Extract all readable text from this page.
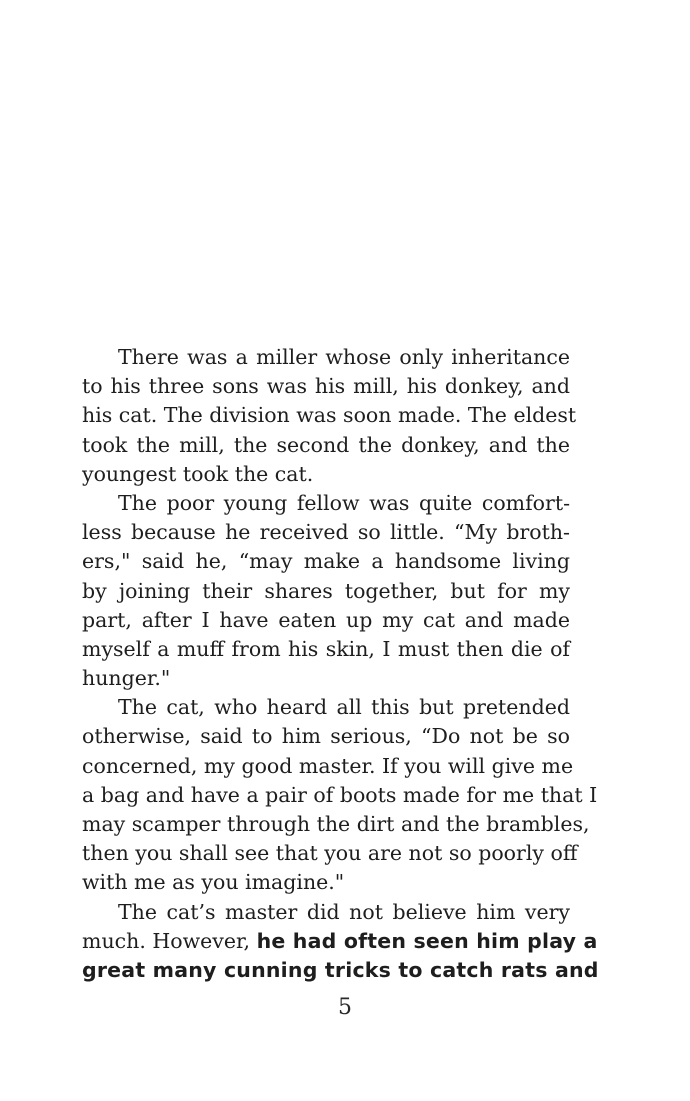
There was a miller whose only inheritance
to his three sons was his mill, his donkey, and
his cat. The division was soon made. The eldest
took the mill, the second the donkey, and the
youngest took the cat.
The poor young fellow was quite comfort-
less because he received so little. “My broth-
ers," said he, “may make a handsome living
by joining their shares together, but for my
part, after I have eaten up my cat and made
myself a muff from his skin, I must then die of
hunger."
The cat, who heard all this but pretended
otherwise, said to him serious, “Do not be so
concerned, my good master. If you will give me
a bag and have a pair of boots made for me that I
may scamper through the dirt and the brambles,
then you shall see that you are not so poorly off
with me as you imagine."
The cat’s master did not believe him very
much. However, he had often seen him play a
great many cunning tricks to catch rats and
5
